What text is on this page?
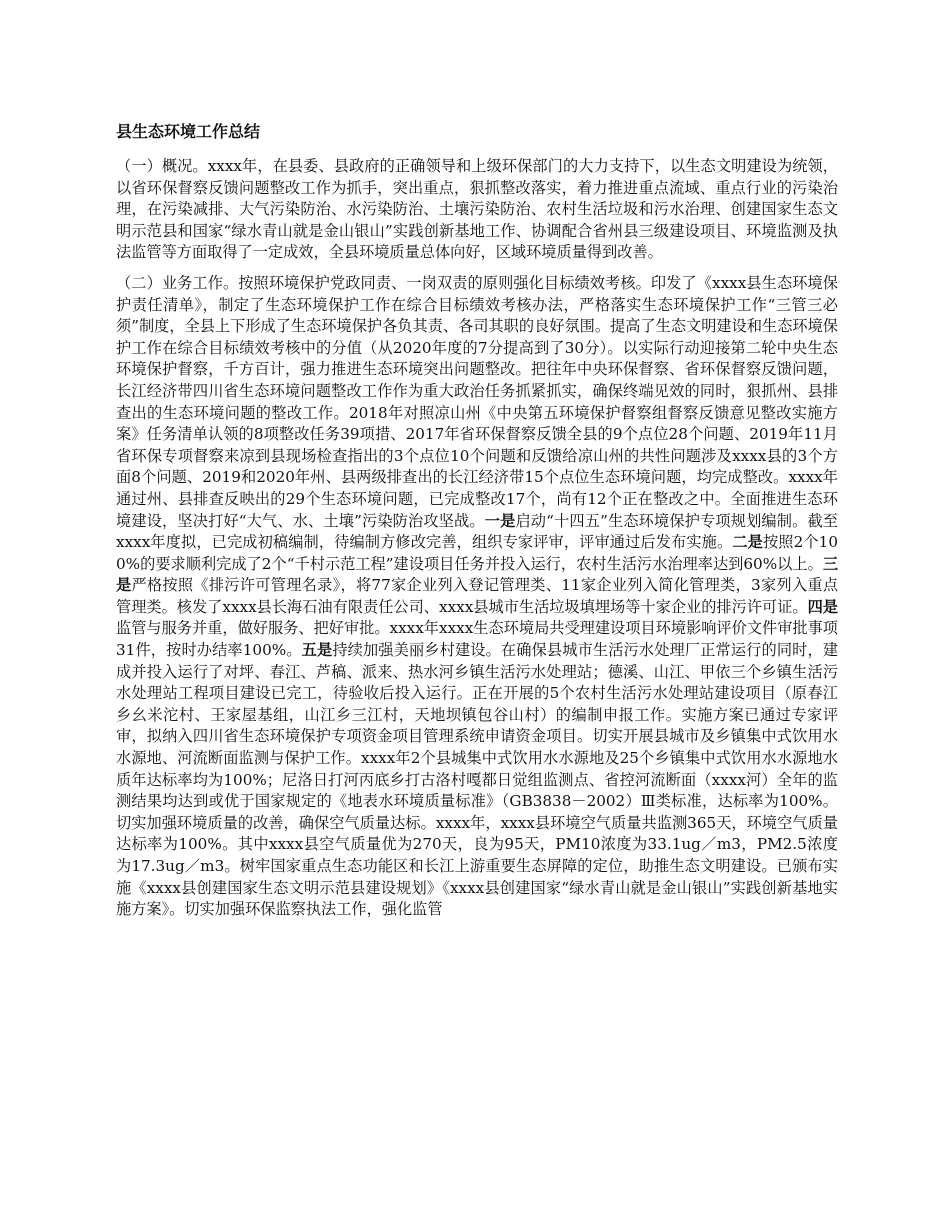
县生态环境工作总结

（一）概况。xxxx年，在县委、县政府的正确领导和上级环保部门的大力支持下，以生态文明建设为统领，以省环保督察反馈问题整改工作为抓手，突出重点，狠抓整改落实，着力推进重点流域、重点行业的污染治理，在污染减排、大气污染防治、水污染防治、土壤污染防治、农村生活垃圾和污水治理、创建国家生态文明示范县和国家“绿水青山就是金山银山”实践创新基地工作、协调配合省州县三级建设项目、环境监测及执法监管等方面取得了一定成效，全县环境质量总体向好，区域环境质量得到改善。

（二）业务工作。按照环境保护党政同责、一岗双责的原则强化目标绩效考核。印发了《xxxx县生态环境保护责任清单》，制定了生态环境保护工作在综合目标绩效考核办法，严格落实生态环境保护工作“三管三必须”制度，全县上下形成了生态环境保护各负其责、各司其职的良好氛围。提高了生态文明建设和生态环境保护工作在综合目标绩效考核中的分值（从2020年度的7分提高到了30分）。以实际行动迎接第二轮中央生态环境保护督察，千方百计，强力推进生态环境突出问题整改。把往年中央环保督察、省环保督察反馈问题，长江经济带四川省生态环境问题整改工作作为重大政治任务抓紧抓实，确保终端见效的同时，狠抓州、县排查出的生态环境问题的整改工作。2018年对照凉山州《中央第五环境保护督察组督察反馈意见整改实施方案》任务清单认领的8项整改任务39项措、2017年省环保督察反馈全县的9个点位28个问题、2019年11月省环保专项督察来凉到县现场检查指出的3个点位10个问题和反馈给凉山州的共性问题涉及xxxx县的3个方面8个问题、2019和2020年州、县两级排查出的长江经济带15个点位生态环境问题，均完成整改。xxxx年通过州、县排查反映出的29个生态环境问题，已完成整改17个，尚有12个正在整改之中。全面推进生态环境建设，坚决打好“大气、水、土壤”污染防治攻坚战。一是启动“十四五”生态环境保护专项规划编制。截至xxxx年度拟，已完成初稿编制，待编制方修改完善，组织专家评审，评审通过后发布实施。二是按照2个100%的要求顺利完成了2个“千村示范工程”建设项目任务并投入运行，农村生活污水治理率达到60%以上。三是严格按照《排污许可管理名录》，将77家企业列入登记管理类、11家企业列入简化管理类，3家列入重点管理类。核发了xxxx县长海石油有限责任公司、xxxx县城市生活垃圾填埋场等十家企业的排污许可证。四是监管与服务并重，做好服务、把好审批。xxxx年xxxx生态环境局共受理建设项目环境影响评价文件审批事项31件，按时办结率100%。五是持续加强美丽乡村建设。在确保县城市生活污水处理厂正常运行的同时，建成并投入运行了对坪、春江、芦稿、派来、热水河乡镇生活污水处理站；德溪、山江、甲依三个乡镇生活污水处理站工程项目建设已完工，待验收后投入运行。正在开展的5个农村生活污水处理站建设项目（原春江乡幺米沱村、王家屋基组，山江乡三江村，天地坝镇包谷山村）的编制申报工作。实施方案已通过专家评审，拟纳入四川省生态环境保护专项资金项目管理系统申请资金项目。切实开展县城市及乡镇集中式饮用水水源地、河流断面监测与保护工作。xxxx年2个县城集中式饮用水水源地及25个乡镇集中式饮用水水源地水质年达标率均为100%；尼洛日打河丙底乡打古洛村嘎都日觉组监测点、省控河流断面（xxxx河）全年的监测结果均达到或优于国家规定的《地表水环境质量标准》（GB3838－2002）Ⅲ类标准，达标率为100%。切实加强环境质量的改善，确保空气质量达标。xxxx年，xxxx县环境空气质量共监测365天，环境空气质量达标率为100%。其中xxxx县空气质量优为270天，良为95天，PM10浓度为33.1ug／m3，PM2.5浓度为17.3ug／m3。树牢国家重点生态功能区和长江上游重要生态屏障的定位，助推生态文明建设。已颁布实施《xxxx县创建国家生态文明示范县建设规划》《xxxx县创建国家“绿水青山就是金山银山”实践创新基地实施方案》。切实加强环保监察执法工作，强化监管
